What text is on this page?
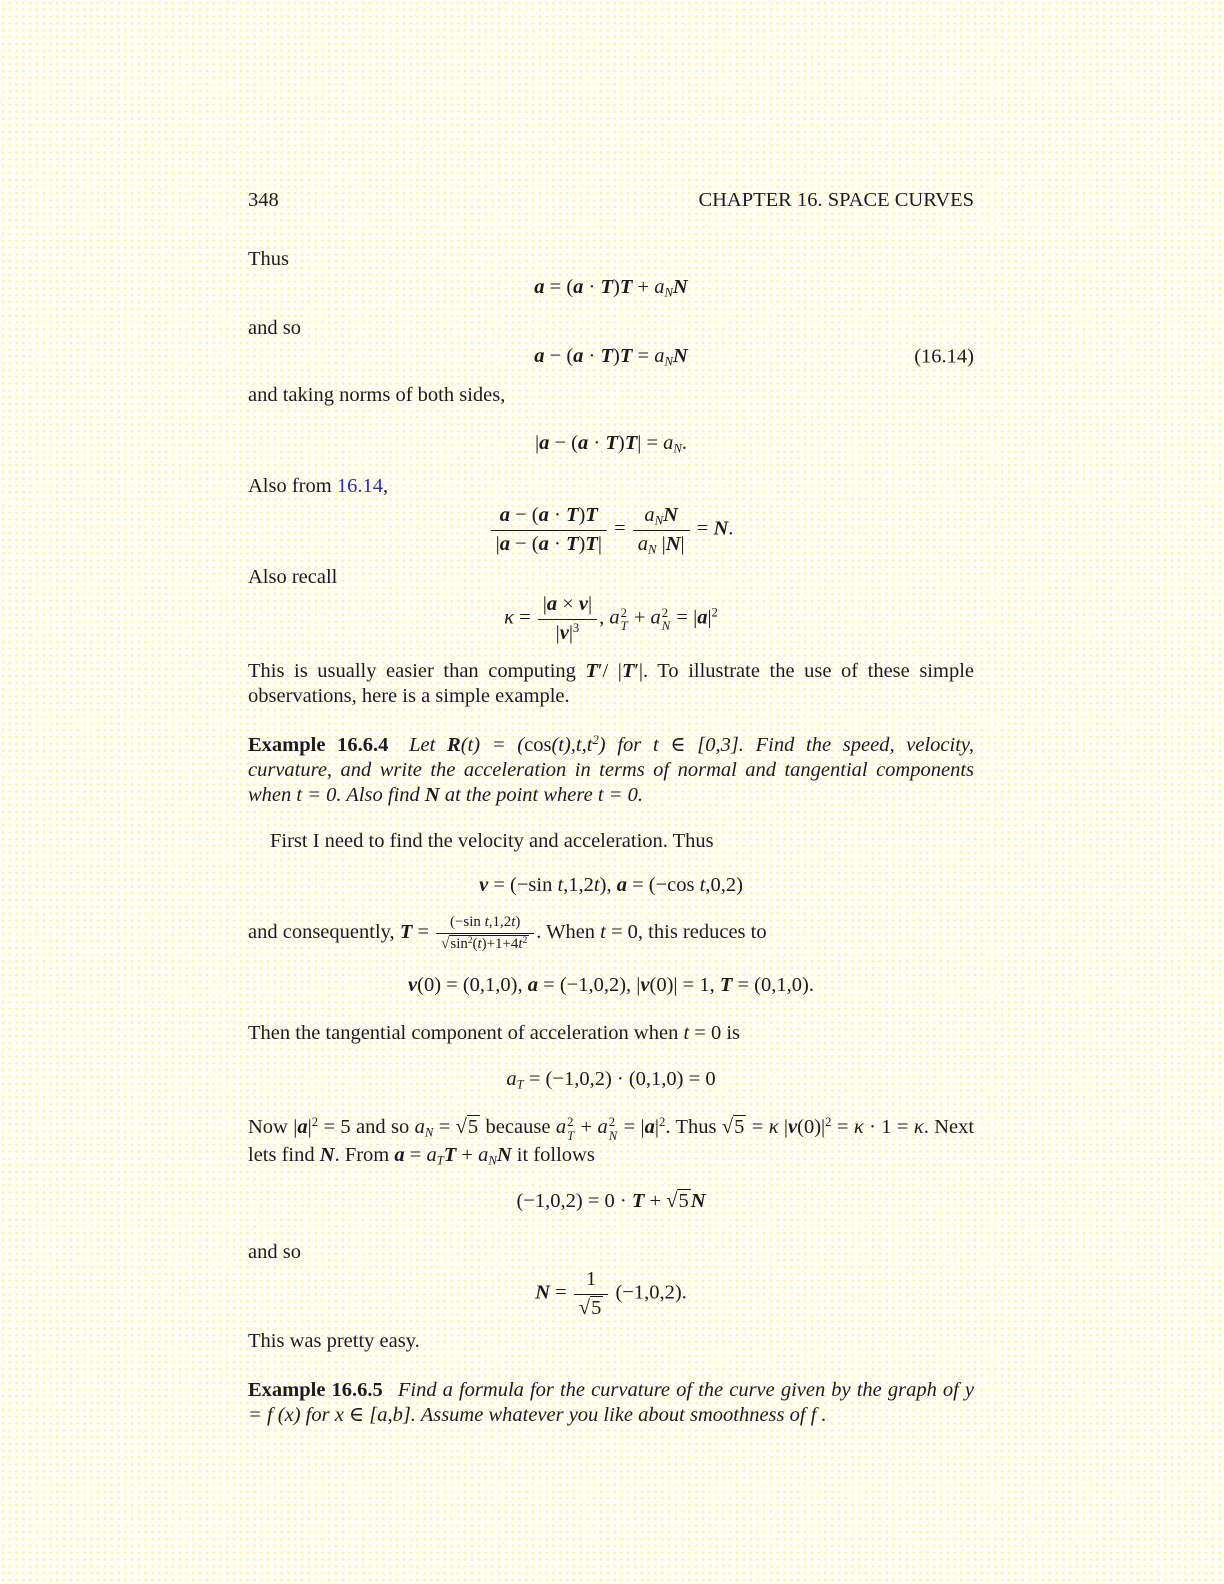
348	CHAPTER 16. SPACE CURVES

Thus

$a = (a \cdot T)T + a_NN$

and so

$a - (a \cdot T)T = a_NN$	(16.14)

and taking norms of both sides,

$|a - (a \cdot T)T| = a_N$.

Also from 16.14,

$\frac{a - (a \cdot T)T}{|a - (a \cdot T)T|} = \frac{a_NN}{a_N |N|} = N$.

Also recall

$\kappa = \frac{|a \times v|}{|v|^3}$ , a 2
T + a 2
$N = |a|^2$

This is usually easier than computing T′/ |T′|. To illustrate the use of these simple observations, here is a simple example.

Example 16.6.4 Let $R(t) = (\cos(t),t,t^2)$ for t ∈ [0,3]. Find the speed, velocity, curvature, and write the acceleration in terms of normal and tangential components when t = 0. Also find N at the point where t = 0.

First I need to find the velocity and acceleration. Thus

v = (−sin t,1,2t), a = (−cos t,0,2)

and consequently, $T = \frac{\text{(−sin t,1,2t)}}{√\sin^2(t)+1+4t^2}$ . When t = 0, this reduces to

v(0) = (0,1,0), a = (−1,0,2), |v(0)| = 1, T = (0,1,0).

Then the tangential component of acceleration when t = 0 is

$a_T = (-1,0,2) \cdot (0,1,0) = 0$

Now $|a|^2 = 5$ and so $a_N = √5$ because a 2
T + a 2
$N = |a|^2$. Thus √5 = κ $|v(0)|^2 = \kappa \cdot 1 = \kappa$. Next lets find N. From $a = a_TT + a_NN$ it follows

(−1,0,2) = 0 · T + √5N

and so

$N = \frac{1}{√5} (-1,0,2)$.

This was pretty easy.

Example 16.6.5 Find a formula for the curvature of the curve given by the graph of y = f (x) for x ∈ [a,b]. Assume whatever you like about smoothness of f .
